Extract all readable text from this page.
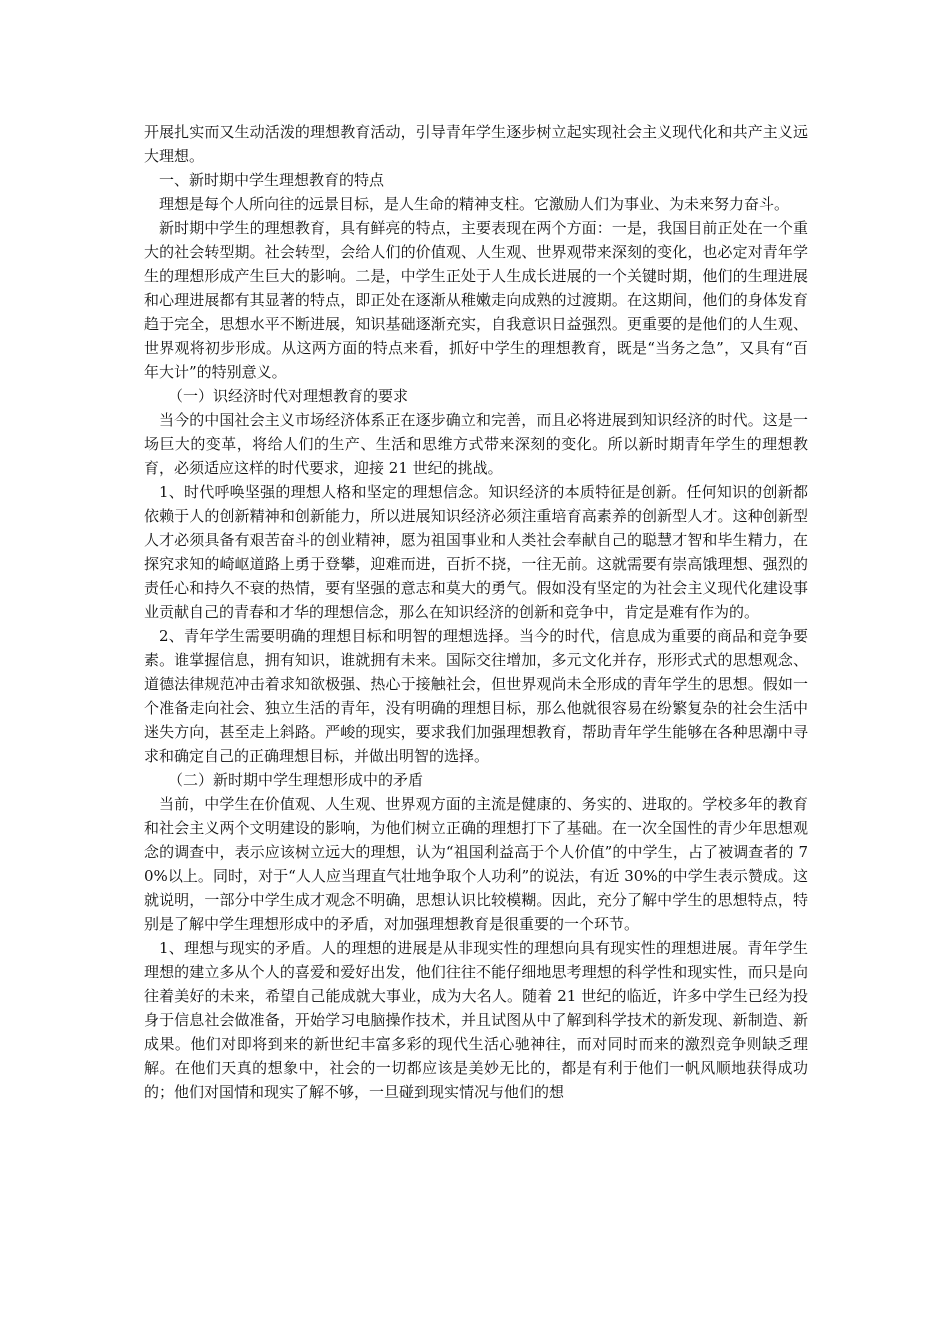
开展扎实而又生动活泼的理想教育活动，引导青年学生逐步树立起实现社会主义现代化和共产主义远大理想。

一、新时期中学生理想教育的特点

理想是每个人所向往的远景目标，是人生命的精神支柱。它激励人们为事业、为未来努力奋斗。

新时期中学生的理想教育，具有鲜亮的特点，主要表现在两个方面：一是，我国目前正处在一个重大的社会转型期。社会转型，会给人们的价值观、人生观、世界观带来深刻的变化，也必定对青年学生的理想形成产生巨大的影响。二是，中学生正处于人生成长进展的一个关键时期，他们的生理进展和心理进展都有其显著的特点，即正处在逐渐从稚嫩走向成熟的过渡期。在这期间，他们的身体发育趋于完全，思想水平不断进展，知识基础逐渐充实，自我意识日益强烈。更重要的是他们的人生观、世界观将初步形成。从这两方面的特点来看，抓好中学生的理想教育，既是“当务之急”，又具有“百年大计”的特别意义。

（一）识经济时代对理想教育的要求

当今的中国社会主义市场经济体系正在逐步确立和完善，而且必将进展到知识经济的时代。这是一场巨大的变革，将给人们的生产、生活和思维方式带来深刻的变化。所以新时期青年学生的理想教育，必须适应这样的时代要求，迎接 21 世纪的挑战。

1、时代呼唤坚强的理想人格和坚定的理想信念。知识经济的本质特征是创新。任何知识的创新都依赖于人的创新精神和创新能力，所以进展知识经济必须注重培育高素养的创新型人才。这种创新型人才必须具备有艰苦奋斗的创业精神，愿为祖国事业和人类社会奉献自己的聪慧才智和毕生精力，在探究求知的崎岖道路上勇于登攀，迎难而进，百折不挠，一往无前。这就需要有崇高饿理想、强烈的责任心和持久不衰的热情，要有坚强的意志和莫大的勇气。假如没有坚定的为社会主义现代化建设事业贡献自己的青春和才华的理想信念，那么在知识经济的创新和竞争中，肯定是难有作为的。

2、青年学生需要明确的理想目标和明智的理想选择。当今的时代，信息成为重要的商品和竞争要素。谁掌握信息，拥有知识，谁就拥有未来。国际交往增加，多元文化并存，形形式式的思想观念、道德法律规范冲击着求知欲极强、热心于接触社会，但世界观尚未全形成的青年学生的思想。假如一个准备走向社会、独立生活的青年，没有明确的理想目标，那么他就很容易在纷繁复杂的社会生活中迷失方向，甚至走上斜路。严峻的现实，要求我们加强理想教育，帮助青年学生能够在各种思潮中寻求和确定自己的正确理想目标，并做出明智的选择。

（二）新时期中学生理想形成中的矛盾

当前，中学生在价值观、人生观、世界观方面的主流是健康的、务实的、进取的。学校多年的教育和社会主义两个文明建设的影响，为他们树立正确的理想打下了基础。在一次全国性的青少年思想观念的调查中，表示应该树立远大的理想，认为“祖国利益高于个人价值”的中学生，占了被调查者的 70%以上。同时，对于“人人应当理直气壮地争取个人功利”的说法，有近 30%的中学生表示赞成。这就说明，一部分中学生成才观念不明确，思想认识比较模糊。因此，充分了解中学生的思想特点，特别是了解中学生理想形成中的矛盾，对加强理想教育是很重要的一个环节。

1、理想与现实的矛盾。人的理想的进展是从非现实性的理想向具有现实性的理想进展。青年学生理想的建立多从个人的喜爱和爱好出发，他们往往不能仔细地思考理想的科学性和现实性，而只是向往着美好的未来，希望自己能成就大事业，成为大名人。随着 21 世纪的临近，许多中学生已经为投身于信息社会做准备，开始学习电脑操作技术，并且试图从中了解到科学技术的新发现、新制造、新成果。他们对即将到来的新世纪丰富多彩的现代生活心驰神往，而对同时而来的激烈竞争则缺乏理解。在他们天真的想象中，社会的一切都应该是美妙无比的，都是有利于他们一帆风顺地获得成功的；他们对国情和现实了解不够，一旦碰到现实情况与他们的想
